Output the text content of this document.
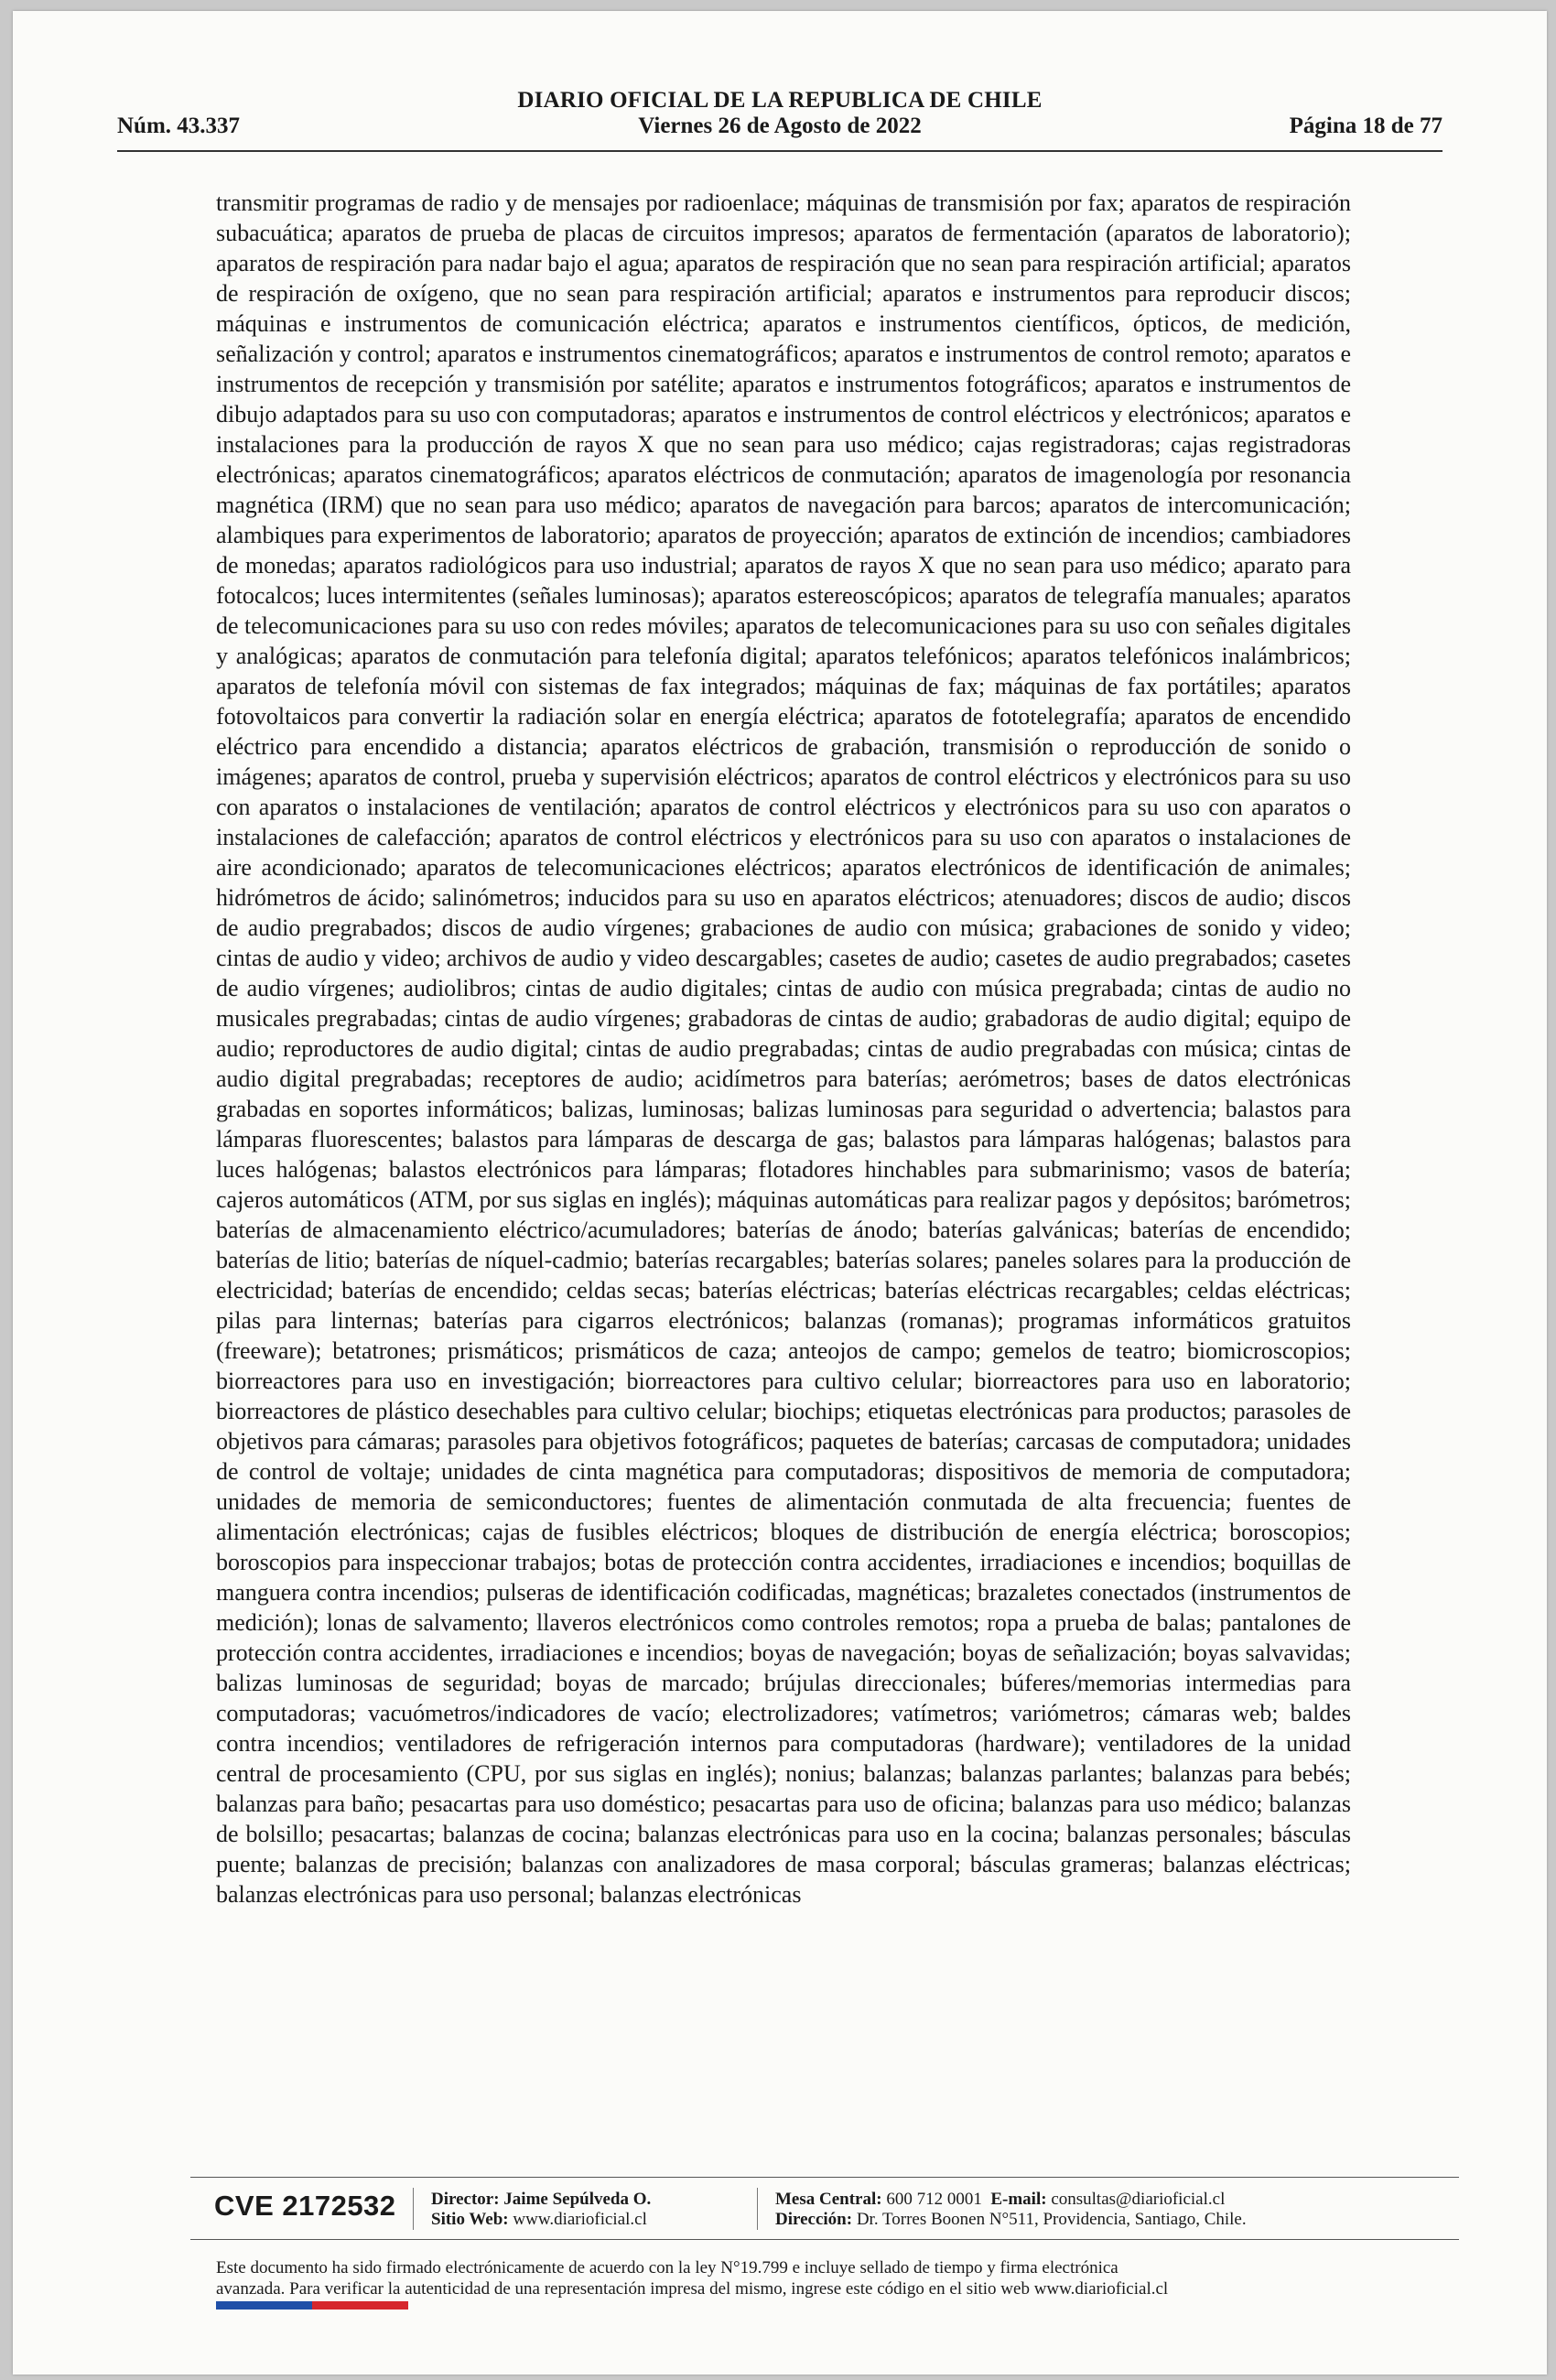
DIARIO OFICIAL DE LA REPUBLICA DE CHILE
Núm. 43.337	Viernes 26 de Agosto de 2022	Página 18 de 77
transmitir programas de radio y de mensajes por radioenlace; máquinas de transmisión por fax; aparatos de respiración subacuática; aparatos de prueba de placas de circuitos impresos; aparatos de fermentación (aparatos de laboratorio); aparatos de respiración para nadar bajo el agua; aparatos de respiración que no sean para respiración artificial; aparatos de respiración de oxígeno, que no sean para respiración artificial; aparatos e instrumentos para reproducir discos; máquinas e instrumentos de comunicación eléctrica; aparatos e instrumentos científicos, ópticos, de medición, señalización y control; aparatos e instrumentos cinematográficos; aparatos e instrumentos de control remoto; aparatos e instrumentos de recepción y transmisión por satélite; aparatos e instrumentos fotográficos; aparatos e instrumentos de dibujo adaptados para su uso con computadoras; aparatos e instrumentos de control eléctricos y electrónicos; aparatos e instalaciones para la producción de rayos X que no sean para uso médico; cajas registradoras; cajas registradoras electrónicas; aparatos cinematográficos; aparatos eléctricos de conmutación; aparatos de imagenología por resonancia magnética (IRM) que no sean para uso médico; aparatos de navegación para barcos; aparatos de intercomunicación; alambiques para experimentos de laboratorio; aparatos de proyección; aparatos de extinción de incendios; cambiadores de monedas; aparatos radiológicos para uso industrial; aparatos de rayos X que no sean para uso médico; aparato para fotocalcos; luces intermitentes (señales luminosas); aparatos estereoscópicos; aparatos de telegrafía manuales; aparatos de telecomunicaciones para su uso con redes móviles; aparatos de telecomunicaciones para su uso con señales digitales y analógicas; aparatos de conmutación para telefonía digital; aparatos telefónicos; aparatos telefónicos inalámbricos; aparatos de telefonía móvil con sistemas de fax integrados; máquinas de fax; máquinas de fax portátiles; aparatos fotovoltaicos para convertir la radiación solar en energía eléctrica; aparatos de fototelegrafía; aparatos de encendido eléctrico para encendido a distancia; aparatos eléctricos de grabación, transmisión o reproducción de sonido o imágenes; aparatos de control, prueba y supervisión eléctricos; aparatos de control eléctricos y electrónicos para su uso con aparatos o instalaciones de ventilación; aparatos de control eléctricos y electrónicos para su uso con aparatos o instalaciones de calefacción; aparatos de control eléctricos y electrónicos para su uso con aparatos o instalaciones de aire acondicionado; aparatos de telecomunicaciones eléctricos; aparatos electrónicos de identificación de animales; hidrómetros de ácido; salinómetros; inducidos para su uso en aparatos eléctricos; atenuadores; discos de audio; discos de audio pregrabados; discos de audio vírgenes; grabaciones de audio con música; grabaciones de sonido y video; cintas de audio y video; archivos de audio y video descargables; casetes de audio; casetes de audio pregrabados; casetes de audio vírgenes; audiolibros; cintas de audio digitales; cintas de audio con música pregrabada; cintas de audio no musicales pregrabadas; cintas de audio vírgenes; grabadoras de cintas de audio; grabadoras de audio digital; equipo de audio; reproductores de audio digital; cintas de audio pregrabadas; cintas de audio pregrabadas con música; cintas de audio digital pregrabadas; receptores de audio; acidímetros para baterías; aerómetros; bases de datos electrónicas grabadas en soportes informáticos; balizas, luminosas; balizas luminosas para seguridad o advertencia; balastos para lámparas fluorescentes; balastos para lámparas de descarga de gas; balastos para lámparas halógenas; balastos para luces halógenas; balastos electrónicos para lámparas; flotadores hinchables para submarinismo; vasos de batería; cajeros automáticos (ATM, por sus siglas en inglés); máquinas automáticas para realizar pagos y depósitos; barómetros; baterías de almacenamiento eléctrico/acumuladores; baterías de ánodo; baterías galvánicas; baterías de encendido; baterías de litio; baterías de níquel-cadmio; baterías recargables; baterías solares; paneles solares para la producción de electricidad; baterías de encendido; celdas secas; baterías eléctricas; baterías eléctricas recargables; celdas eléctricas; pilas para linternas; baterías para cigarros electrónicos; balanzas (romanas); programas informáticos gratuitos (freeware); betatrones; prismáticos; prismáticos de caza; anteojos de campo; gemelos de teatro; biomicroscopios; biorreactores para uso en investigación; biorreactores para cultivo celular; biorreactores para uso en laboratorio; biorreactores de plástico desechables para cultivo celular; biochips; etiquetas electrónicas para productos; parasoles de objetivos para cámaras; parasoles para objetivos fotográficos; paquetes de baterías; carcasas de computadora; unidades de control de voltaje; unidades de cinta magnética para computadoras; dispositivos de memoria de computadora; unidades de memoria de semiconductores; fuentes de alimentación conmutada de alta frecuencia; fuentes de alimentación electrónicas; cajas de fusibles eléctricos; bloques de distribución de energía eléctrica; boroscopios; boroscopios para inspeccionar trabajos; botas de protección contra accidentes, irradiaciones e incendios; boquillas de manguera contra incendios; pulseras de identificación codificadas, magnéticas; brazaletes conectados (instrumentos de medición); lonas de salvamento; llaveros electrónicos como controles remotos; ropa a prueba de balas; pantalones de protección contra accidentes, irradiaciones e incendios; boyas de navegación; boyas de señalización; boyas salvavidas; balizas luminosas de seguridad; boyas de marcado; brújulas direccionales; búferes/memorias intermedias para computadoras; vacuómetros/indicadores de vacío; electrolizadores; vatímetros; variómetros; cámaras web; baldes contra incendios; ventiladores de refrigeración internos para computadoras (hardware); ventiladores de la unidad central de procesamiento (CPU, por sus siglas en inglés); nonius; balanzas; balanzas parlantes; balanzas para bebés; balanzas para baño; pesacartas para uso doméstico; pesacartas para uso de oficina; balanzas para uso médico; balanzas de bolsillo; pesacartas; balanzas de cocina; balanzas electrónicas para uso en la cocina; balanzas personales; básculas puente; balanzas de precisión; balanzas con analizadores de masa corporal; básculas grameras; balanzas eléctricas; balanzas electrónicas para uso personal; balanzas electrónicas
CVE 2172532 Director: Jaime Sepúlveda O.
Sitio Web: www.diarioficial.cl
Mesa Central: 600 712 0001 E-mail: consultas@diarioficial.cl
Dirección: Dr. Torres Boonen N°511, Providencia, Santiago, Chile.
Este documento ha sido firmado electrónicamente de acuerdo con la ley N°19.799 e incluye sellado de tiempo y firma electrónica
avanzada. Para verificar la autenticidad de una representación impresa del mismo, ingrese este código en el sitio web www.diarioficial.cl
